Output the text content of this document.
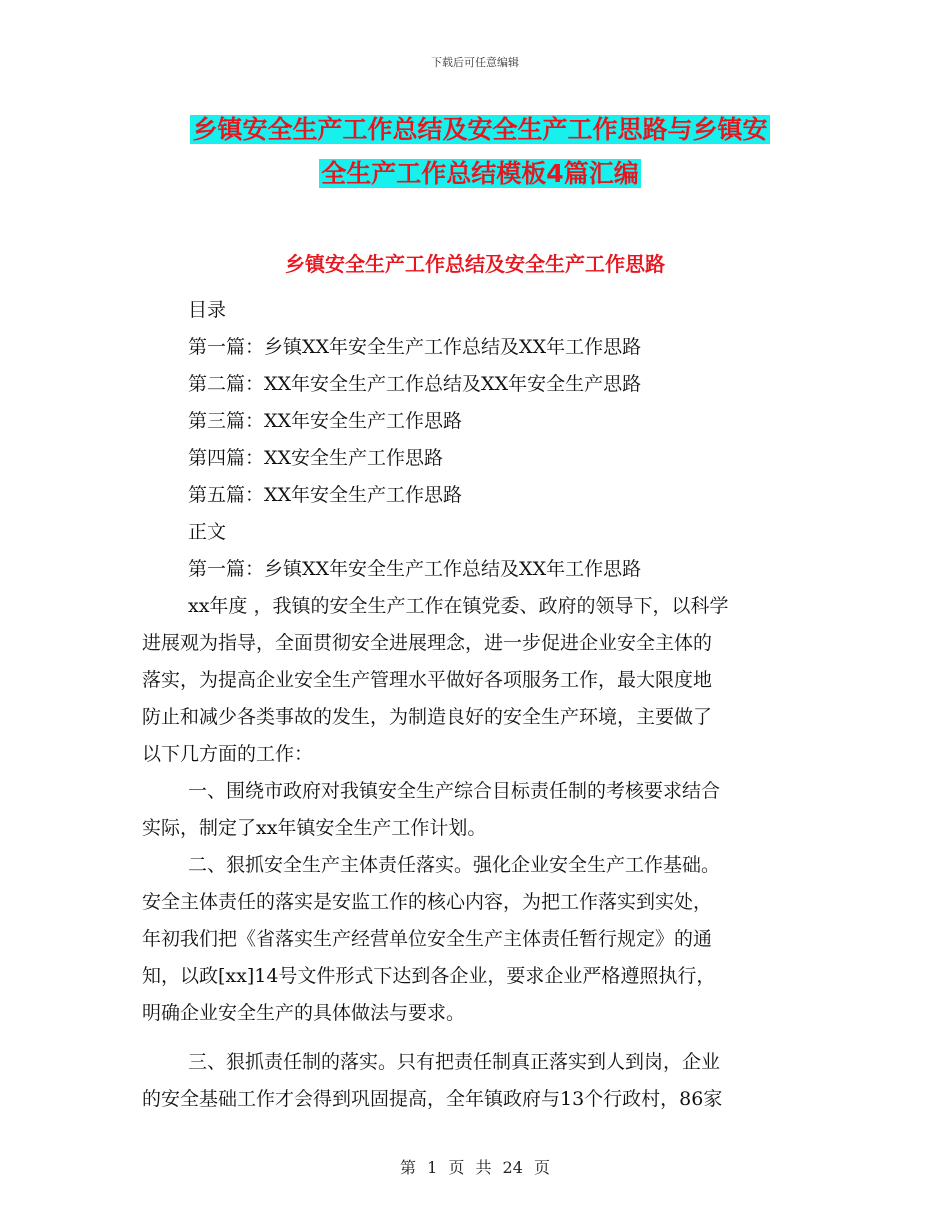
下载后可任意编辑
乡镇安全生产工作总结及安全生产工作思路与乡镇安
全生产工作总结模板4篇汇编
乡镇安全生产工作总结及安全生产工作思路
目录
第一篇：乡镇XX年安全生产工作总结及XX年工作思路
第二篇：XX年安全生产工作总结及XX年安全生产思路
第三篇：XX年安全生产工作思路
第四篇：XX安全生产工作思路
第五篇：XX年安全生产工作思路
正文
第一篇：乡镇XX年安全生产工作总结及XX年工作思路
xx年度 ，我镇的安全生产工作在镇党委、政府的领导下，以科学
进展观为指导，全面贯彻安全进展理念，进一步促进企业安全主体的
落实，为提高企业安全生产管理水平做好各项服务工作，最大限度地
防止和减少各类事故的发生，为制造良好的安全生产环境，主要做了
以下几方面的工作：
一、围绕市政府对我镇安全生产综合目标责任制的考核要求结合
实际，制定了xx年镇安全生产工作计划。
二、狠抓安全生产主体责任落实。强化企业安全生产工作基础。
安全主体责任的落实是安监工作的核心内容，为把工作落实到实处，
年初我们把《省落实生产经营单位安全生产主体责任暂行规定》的通
知，以政[xx]14号文件形式下达到各企业，要求企业严格遵照执行，
明确企业安全生产的具体做法与要求。
三、狠抓责任制的落实。只有把责任制真正落实到人到岗，企业
的安全基础工作才会得到巩固提高，全年镇政府与13个行政村，86家
第 1 页 共 24 页
